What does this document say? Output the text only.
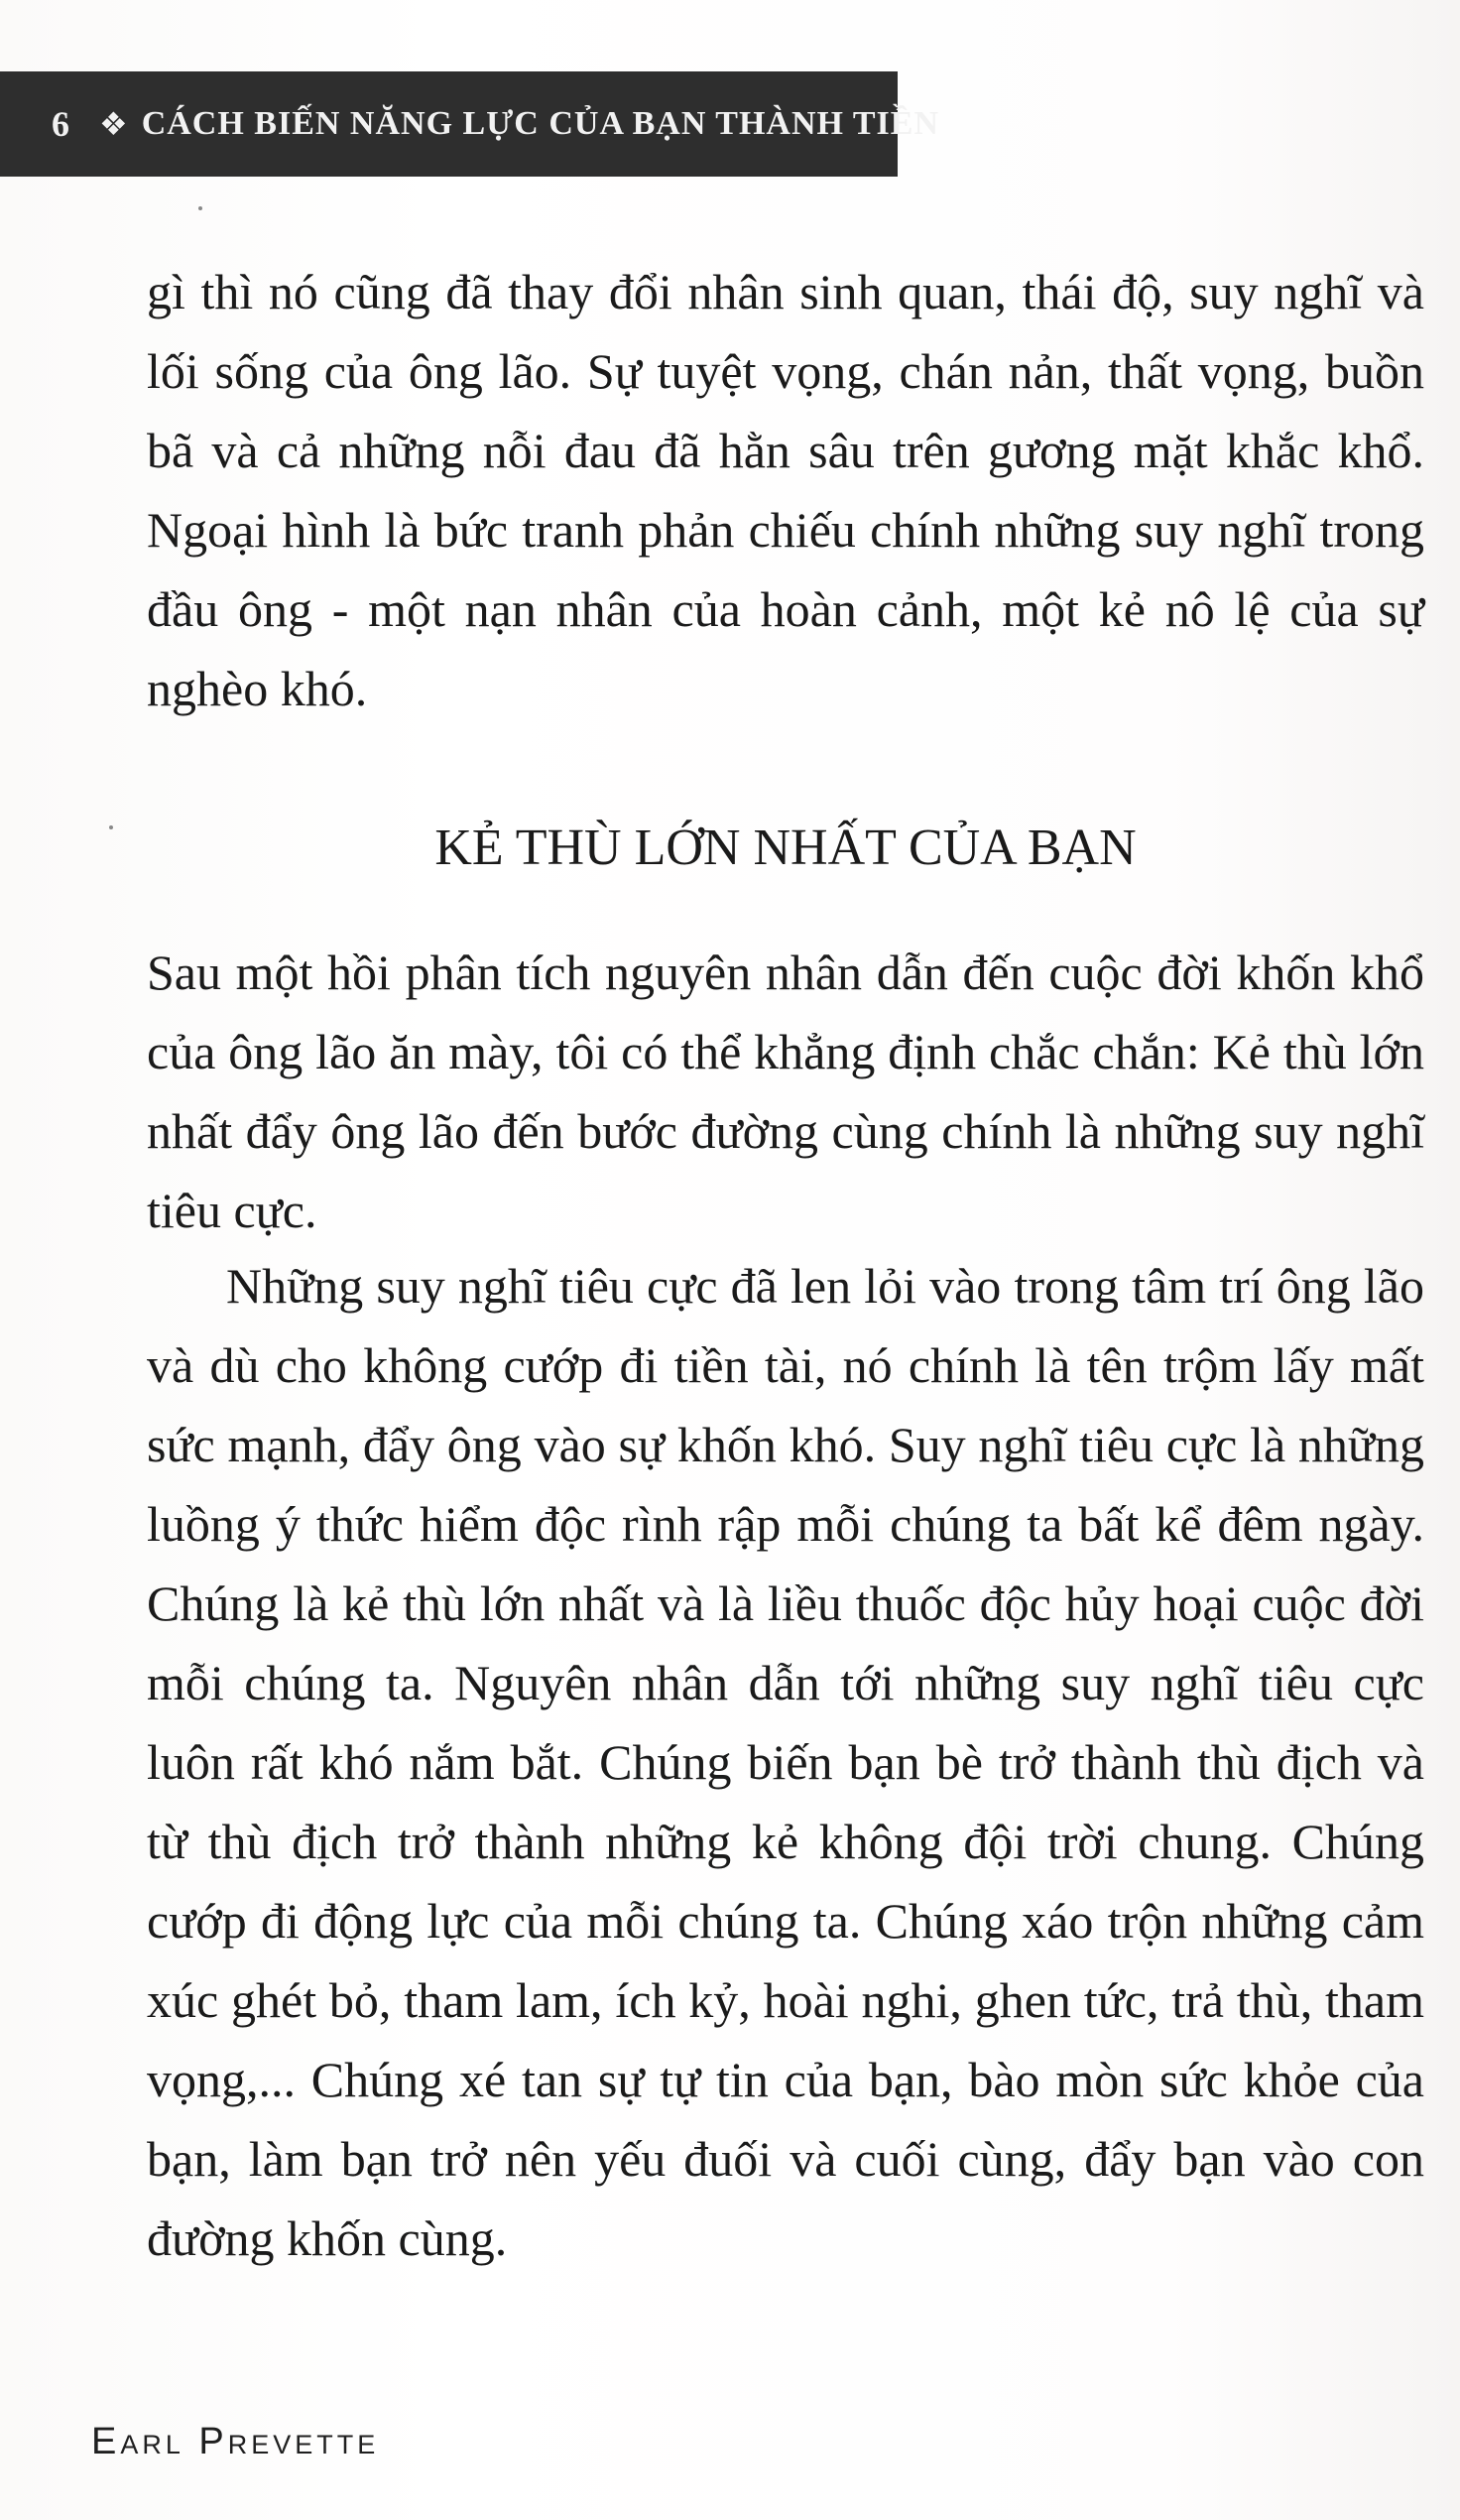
6 ❖ CÁCH BIẾN NĂNG LỰC CỦA BẠN THÀNH TIỀN

gì thì nó cũng đã thay đổi nhân sinh quan, thái độ, suy nghĩ và lối sống của ông lão. Sự tuyệt vọng, chán nản, thất vọng, buồn bã và cả những nỗi đau đã hằn sâu trên gương mặt khắc khổ. Ngoại hình là bức tranh phản chiếu chính những suy nghĩ trong đầu ông - một nạn nhân của hoàn cảnh, một kẻ nô lệ của sự nghèo khó.

KẺ THÙ LỚN NHẤT CỦA BẠN

Sau một hồi phân tích nguyên nhân dẫn đến cuộc đời khốn khổ của ông lão ăn mày, tôi có thể khẳng định chắc chắn: Kẻ thù lớn nhất đẩy ông lão đến bước đường cùng chính là những suy nghĩ tiêu cực.

Những suy nghĩ tiêu cực đã len lỏi vào trong tâm trí ông lão và dù cho không cướp đi tiền tài, nó chính là tên trộm lấy mất sức mạnh, đẩy ông vào sự khốn khó. Suy nghĩ tiêu cực là những luồng ý thức hiểm độc rình rập mỗi chúng ta bất kể đêm ngày. Chúng là kẻ thù lớn nhất và là liều thuốc độc hủy hoại cuộc đời mỗi chúng ta. Nguyên nhân dẫn tới những suy nghĩ tiêu cực luôn rất khó nắm bắt. Chúng biến bạn bè trở thành thù địch và từ thù địch trở thành những kẻ không đội trời chung. Chúng cướp đi động lực của mỗi chúng ta. Chúng xáo trộn những cảm xúc ghét bỏ, tham lam, ích kỷ, hoài nghi, ghen tức, trả thù, tham vọng,... Chúng xé tan sự tự tin của bạn, bào mòn sức khỏe của bạn, làm bạn trở nên yếu đuối và cuối cùng, đẩy bạn vào con đường khốn cùng.

Earl Prevette
